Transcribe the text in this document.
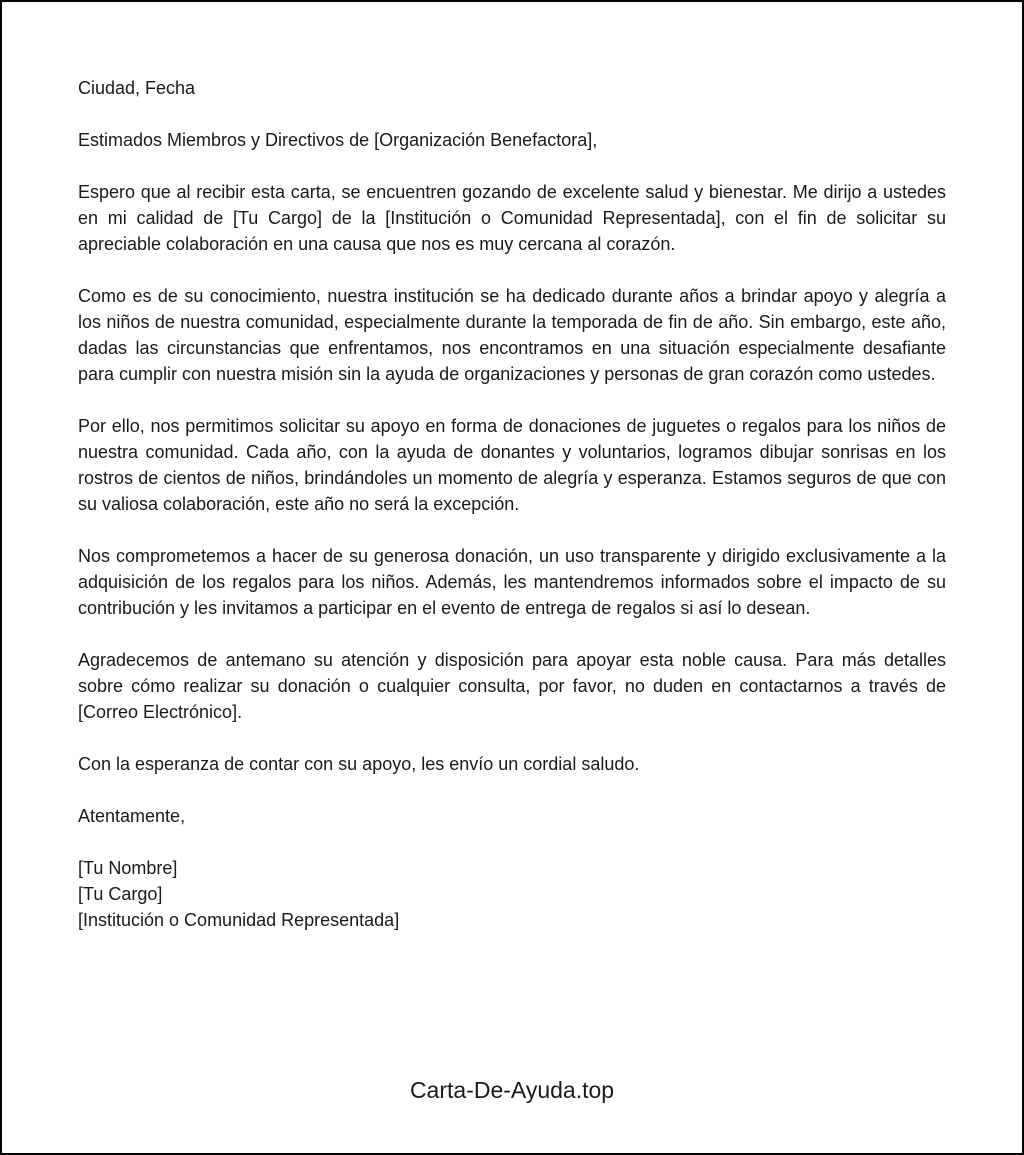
Ciudad, Fecha

Estimados Miembros y Directivos de [Organización Benefactora],

Espero que al recibir esta carta, se encuentren gozando de excelente salud y bienestar. Me dirijo a ustedes en mi calidad de [Tu Cargo] de la [Institución o Comunidad Representada], con el fin de solicitar su apreciable colaboración en una causa que nos es muy cercana al corazón.

Como es de su conocimiento, nuestra institución se ha dedicado durante años a brindar apoyo y alegría a los niños de nuestra comunidad, especialmente durante la temporada de fin de año. Sin embargo, este año, dadas las circunstancias que enfrentamos, nos encontramos en una situación especialmente desafiante para cumplir con nuestra misión sin la ayuda de organizaciones y personas de gran corazón como ustedes.

Por ello, nos permitimos solicitar su apoyo en forma de donaciones de juguetes o regalos para los niños de nuestra comunidad. Cada año, con la ayuda de donantes y voluntarios, logramos dibujar sonrisas en los rostros de cientos de niños, brindándoles un momento de alegría y esperanza. Estamos seguros de que con su valiosa colaboración, este año no será la excepción.

Nos comprometemos a hacer de su generosa donación, un uso transparente y dirigido exclusivamente a la adquisición de los regalos para los niños. Además, les mantendremos informados sobre el impacto de su contribución y les invitamos a participar en el evento de entrega de regalos si así lo desean.

Agradecemos de antemano su atención y disposición para apoyar esta noble causa. Para más detalles sobre cómo realizar su donación o cualquier consulta, por favor, no duden en contactarnos a través de [Correo Electrónico].

Con la esperanza de contar con su apoyo, les envío un cordial saludo.

Atentamente,

[Tu Nombre]

[Tu Cargo]

[Institución o Comunidad Representada]

Carta-De-Ayuda.top
